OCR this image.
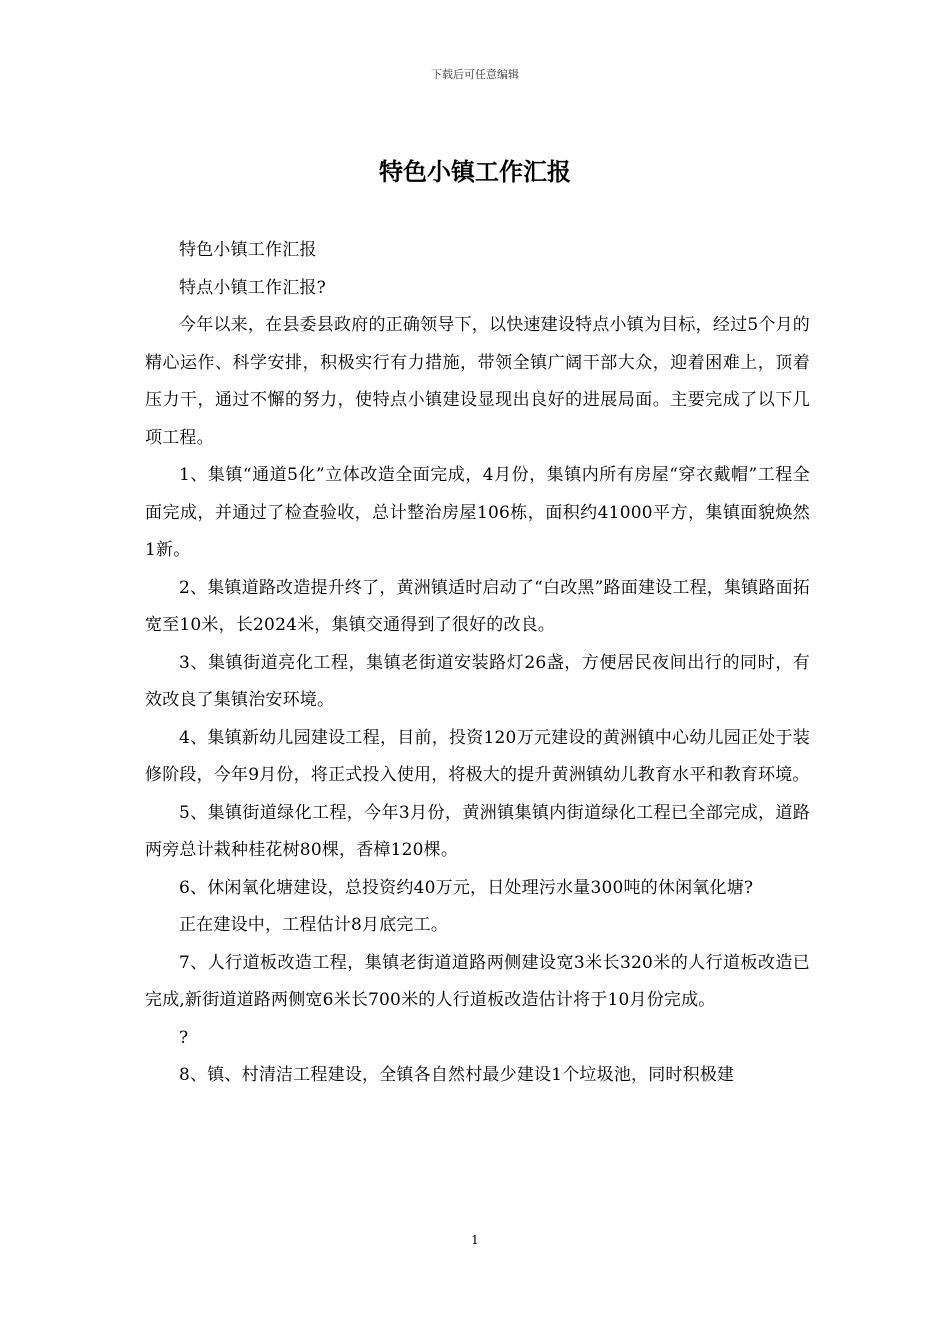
下载后可任意编辑
特色小镇工作汇报

特色小镇工作汇报

特点小镇工作汇报?

今年以来，在县委县政府的正确领导下，以快速建设特点小镇为目标，经过5个月的精心运作、科学安排，积极实行有力措施，带领全镇广阔干部大众，迎着困难上，顶着压力干，通过不懈的努力，使特点小镇建设显现出良好的进展局面。主要完成了以下几项工程。

1、集镇“通道5化”立体改造全面完成，4月份，集镇内所有房屋“穿衣戴帽”工程全面完成，并通过了检查验收，总计整治房屋106栋，面积约41000平方，集镇面貌焕然1新。

2、集镇道路改造提升终了，黄洲镇适时启动了“白改黑”路面建设工程，集镇路面拓宽至10米，长2024米，集镇交通得到了很好的改良。

3、集镇街道亮化工程，集镇老街道安装路灯26盏，方便居民夜间出行的同时，有效改良了集镇治安环境。

4、集镇新幼儿园建设工程，目前，投资120万元建设的黄洲镇中心幼儿园正处于装修阶段，今年9月份，将正式投入使用，将极大的提升黄洲镇幼儿教育水平和教育环境。

5、集镇街道绿化工程，今年3月份，黄洲镇集镇内街道绿化工程已全部完成，道路两旁总计栽种桂花树80棵，香樟120棵。

6、休闲氧化塘建设，总投资约40万元，日处理污水量300吨的休闲氧化塘?

正在建设中，工程估计8月底完工。

7、人行道板改造工程，集镇老街道道路两侧建设宽3米长320米的人行道板改造已完成,新街道道路两侧宽6米长700米的人行道板改造估计将于10月份完成。

?

8、镇、村清洁工程建设，全镇各自然村最少建设1个垃圾池，同时积极建

1
